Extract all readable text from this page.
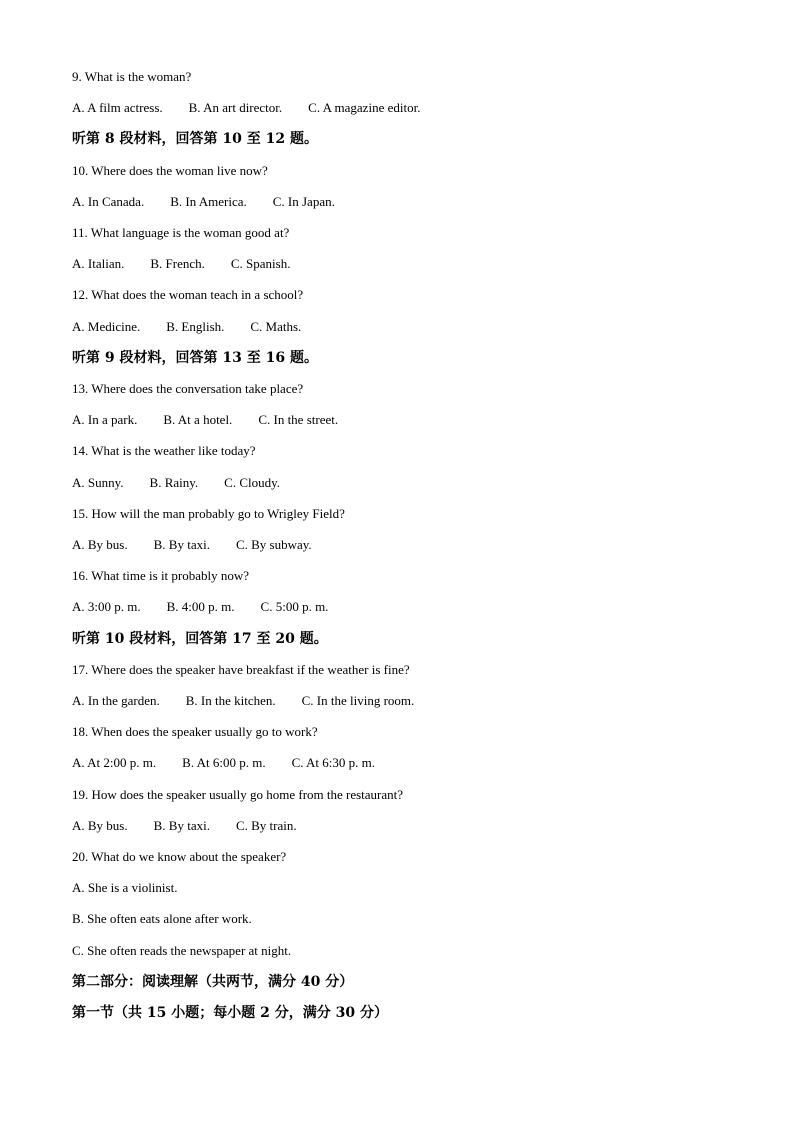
9. What is the woman?
A. A film actress. B. An art director. C. A magazine editor.
听第 8 段材料，回答第 10 至 12 题。
10. Where does the woman live now?
A. In Canada. B. In America. C. In Japan.
11. What language is the woman good at?
A. Italian. B. French. C. Spanish.
12. What does the woman teach in a school?
A. Medicine. B. English. C. Maths.
听第 9 段材料，回答第 13 至 16 题。
13. Where does the conversation take place?
A. In a park. B. At a hotel. C. In the street.
14. What is the weather like today?
A. Sunny. B. Rainy. C. Cloudy.
15. How will the man probably go to Wrigley Field?
A. By bus. B. By taxi. C. By subway.
16. What time is it probably now?
A. 3:00 p. m. B. 4:00 p. m. C. 5:00 p. m.
听第 10 段材料，回答第 17 至 20 题。
17. Where does the speaker have breakfast if the weather is fine?
A. In the garden. B. In the kitchen. C. In the living room.
18. When does the speaker usually go to work?
A. At 2:00 p. m. B. At 6:00 p. m. C. At 6:30 p. m.
19. How does the speaker usually go home from the restaurant?
A. By bus. B. By taxi. C. By train.
20. What do we know about the speaker?
A. She is a violinist.
B. She often eats alone after work.
C. She often reads the newspaper at night.
第二部分：阅读理解（共两节，满分 40 分）
第一节（共 15 小题；每小题 2 分，满分 30 分）
